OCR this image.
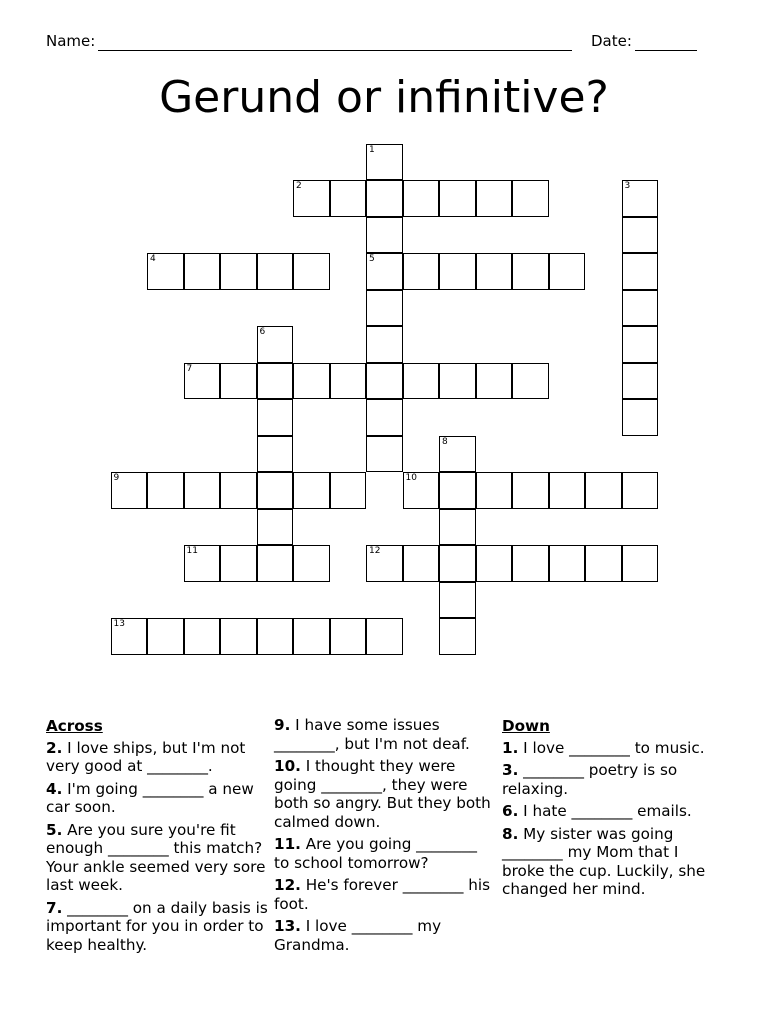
Name:	Date:
Gerund or infinitive?
1
5
2	3
4
6
7
8
9	10
11	12
13
Across
2. I love ships, but I'm not very good at ________.
4. I'm going ________ a new car soon.
5. Are you sure you're fit enough ________ this match? Your ankle seemed very sore last week.
7. ________ on a daily basis is important for you in order to keep healthy.
9. I have some issues ________, but I'm not deaf.
10. I thought they were going ________, they were both so angry. But they both calmed down.
11. Are you going ________ to school tomorrow?
12. He's forever ________ his foot.
13. I love ________ my Grandma.
Down
1. I love ________ to music.
3. ________ poetry is so relaxing.
6. I hate ________ emails.
8. My sister was going ________ my Mom that I broke the cup. Luckily, she changed her mind.
